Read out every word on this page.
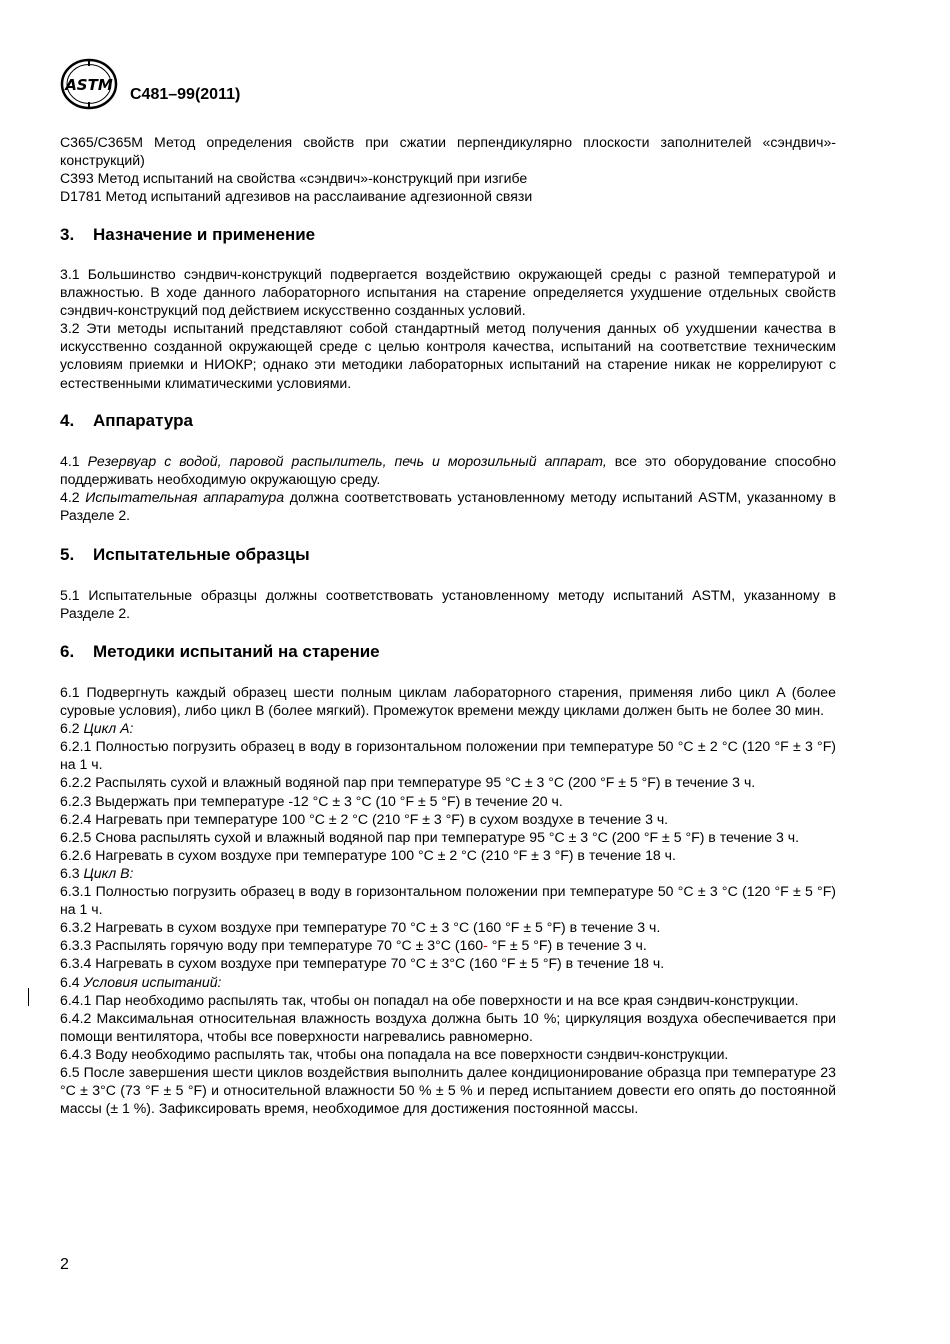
ASTM
C481–99(2011)

C365/C365M Метод определения свойств при сжатии перпендикулярно плоскости заполнителей «сэндвич»-конструкций)

C393 Метод испытаний на свойства «сэндвич»-конструкций при изгибе

D1781 Метод испытаний адгезивов на расслаивание адгезионной связи

3. Назначение и применение

3.1 Большинство сэндвич-конструкций подвергается воздействию окружающей среды с разной температурой и влажностью. В ходе данного лабораторного испытания на старение определяется ухудшение отдельных свойств сэндвич-конструкций под действием искусственно созданных условий.

3.2 Эти методы испытаний представляют собой стандартный метод получения данных об ухудшении качества в искусственно созданной окружающей среде с целью контроля качества, испытаний на соответствие техническим условиям приемки и НИОКР; однако эти методики лабораторных испытаний на старение никак не коррелируют с естественными климатическими условиями.

4. Аппаратура

4.1 Резервуар с водой, паровой распылитель, печь и морозильный аппарат, все это оборудование способно поддерживать необходимую окружающую среду.

4.2 Испытательная аппаратура должна соответствовать установленному методу испытаний ASTM, указанному в Разделе 2.

5. Испытательные образцы

5.1 Испытательные образцы должны соответствовать установленному методу испытаний ASTM, указанному в Разделе 2.

6. Методики испытаний на старение

6.1 Подвергнуть каждый образец шести полным циклам лабораторного старения, применяя либо цикл A (более суровые условия), либо цикл B (более мягкий). Промежуток времени между циклами должен быть не более 30 мин.

6.2 Цикл А:

6.2.1 Полностью погрузить образец в воду в горизонтальном положении при температуре 50 °C ± 2 °C (120 °F ± 3 °F) на 1 ч.

6.2.2 Распылять сухой и влажный водяной пар при температуре 95 °C ± 3 °C (200 °F ± 5 °F) в течение 3 ч.

6.2.3 Выдержать при температуре -12 °C ± 3 °C (10 °F ± 5 °F) в течение 20 ч.

6.2.4 Нагревать при температуре 100 °C ± 2 °C (210 °F ± 3 °F) в сухом воздухе в течение 3 ч.

6.2.5 Снова распылять сухой и влажный водяной пар при температуре 95 °C ± 3 °C (200 °F ± 5 °F) в течение 3 ч.

6.2.6 Нагревать в сухом воздухе при температуре 100 °C ± 2 °C (210 °F ± 3 °F) в течение 18 ч.

6.3 Цикл В:

6.3.1 Полностью погрузить образец в воду в горизонтальном положении при температуре 50 °C ± 3 °C (120 °F ± 5 °F) на 1 ч.

6.3.2 Нагревать в сухом воздухе при температуре 70 °C ± 3 °C (160 °F ± 5 °F) в течение 3 ч.

6.3.3 Распылять горячую воду при температуре 70 °C ± 3°C (160- °F ± 5 °F) в течение 3 ч.

6.3.4 Нагревать в сухом воздухе при температуре 70 °C ± 3°C (160 °F ± 5 °F) в течение 18 ч.

6.4 Условия испытаний:

6.4.1 Пар необходимо распылять так, чтобы он попадал на обе поверхности и на все края сэндвич-конструкции.

6.4.2 Максимальная относительная влажность воздуха должна быть 10 %; циркуляция воздуха обеспечивается при помощи вентилятора, чтобы все поверхности нагревались равномерно.

6.4.3 Воду необходимо распылять так, чтобы она попадала на все поверхности сэндвич-конструкции.

6.5 После завершения шести циклов воздействия выполнить далее кондиционирование образца при температуре 23 °C ± 3°C (73 °F ± 5 °F) и относительной влажности 50 % ± 5 % и перед испытанием довести его опять до постоянной массы (± 1 %). Зафиксировать время, необходимое для достижения постоянной массы.

2
